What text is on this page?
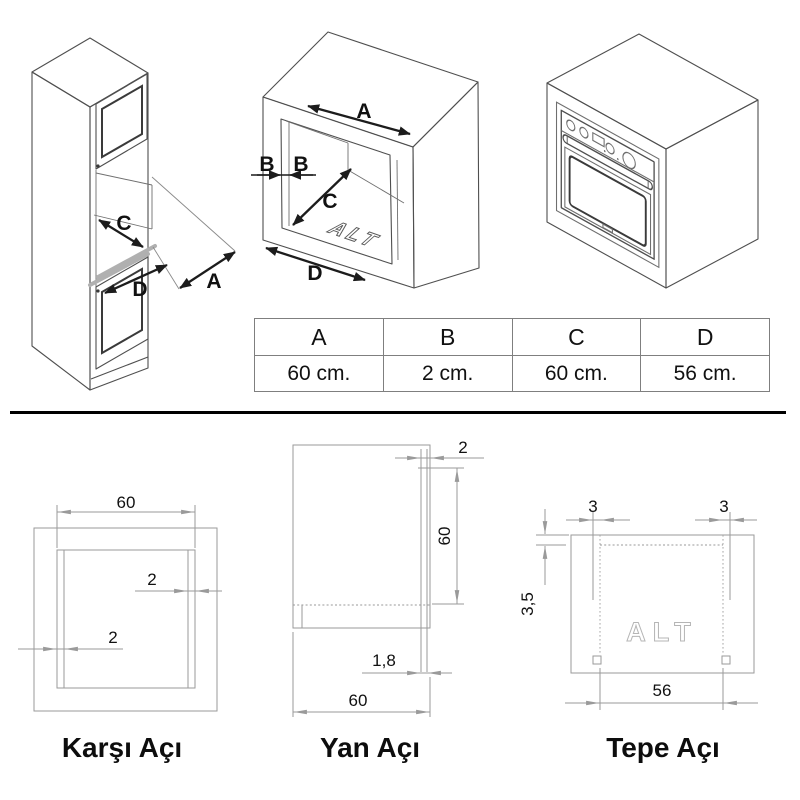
C
D	A
ALT
A
B B
C
D
60
2
2
Karşı Açı
2
60
1,8
60
Yan Açı
ALT
3	3
3,5
56
Tepe Açı
A	B	C	D
60 cm.	2 cm.	60 cm.	56 cm.
